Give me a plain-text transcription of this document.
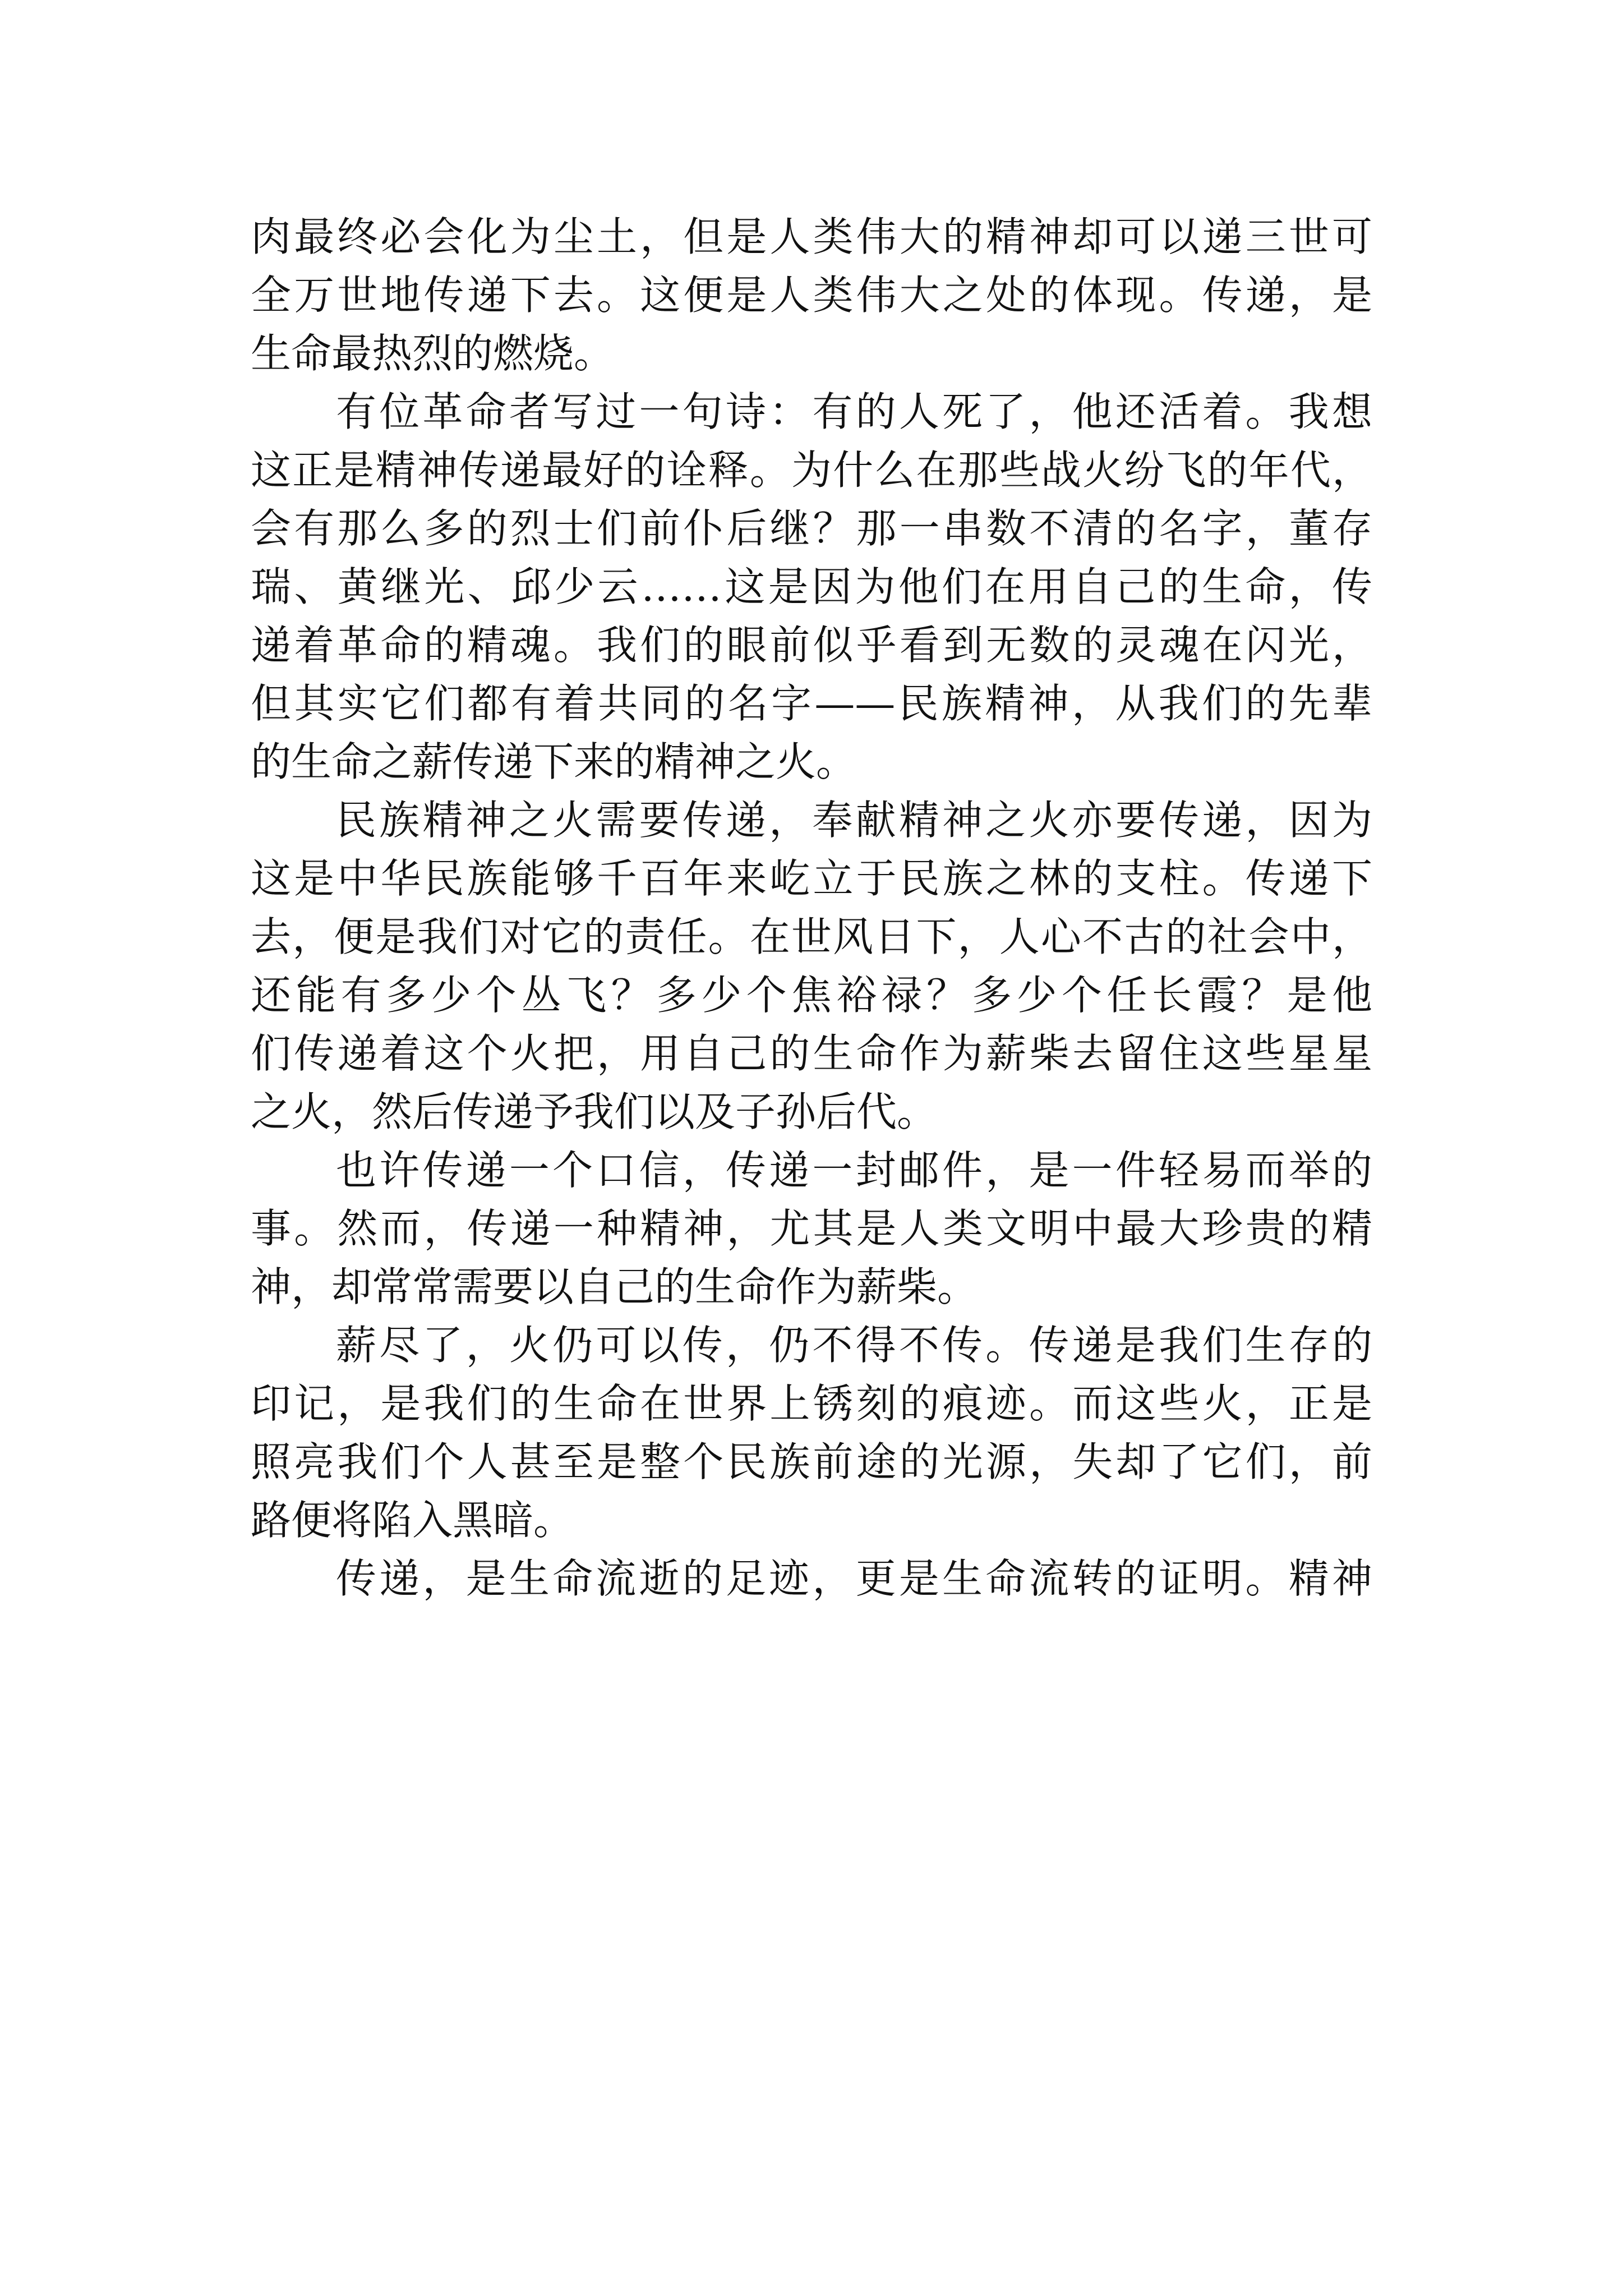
肉最终必会化为尘土，但是人类伟大的精神却可以递三世可
全万世地传递下去。这便是人类伟大之处的体现。传递，是
生命最热烈的燃烧。
有位革命者写过一句诗：有的人死了，他还活着。我想
这正是精神传递最好的诠释。为什么在那些战火纷飞的年代，
会有那么多的烈士们前仆后继？那一串数不清的名字，董存
瑞、黄继光、邱少云……这是因为他们在用自己的生命，传
递着革命的精魂。我们的眼前似乎看到无数的灵魂在闪光，
但其实它们都有着共同的名字——民族精神，从我们的先辈
的生命之薪传递下来的精神之火。
民族精神之火需要传递，奉献精神之火亦要传递，因为
这是中华民族能够千百年来屹立于民族之林的支柱。传递下
去，便是我们对它的责任。在世风日下，人心不古的社会中，
还能有多少个丛飞？多少个焦裕禄？多少个任长霞？是他
们传递着这个火把，用自己的生命作为薪柴去留住这些星星
之火，然后传递予我们以及子孙后代。
也许传递一个口信，传递一封邮件，是一件轻易而举的
事。然而，传递一种精神，尤其是人类文明中最大珍贵的精
神，却常常需要以自己的生命作为薪柴。
薪尽了，火仍可以传，仍不得不传。传递是我们生存的
印记，是我们的生命在世界上锈刻的痕迹。而这些火，正是
照亮我们个人甚至是整个民族前途的光源，失却了它们，前
路便将陷入黑暗。
传递，是生命流逝的足迹，更是生命流转的证明。精神
